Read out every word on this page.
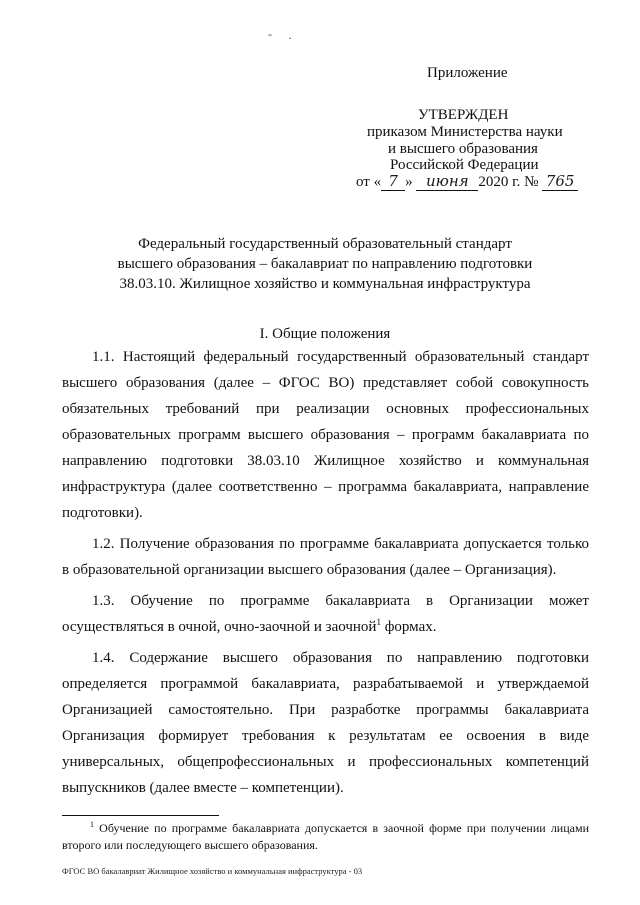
- ·
Приложение
УТВЕРЖДЕН
приказом Министерства науки
и высшего образования
Российской Федерации
от « 7 » июня 2020 г. № 765
Федеральный государственный образовательный стандарт
высшего образования – бакалавриат по направлению подготовки
38.03.10. Жилищное хозяйство и коммунальная инфраструктура
I. Общие положения

1.1. Настоящий федеральный государственный образовательный стандарт высшего образования (далее – ФГОС ВО) представляет собой совокупность обязательных требований при реализации основных профессиональных образовательных программ высшего образования – программ бакалавриата по направлению подготовки 38.03.10 Жилищное хозяйство и коммунальная инфраструктура (далее соответственно – программа бакалавриата, направление подготовки).

1.2. Получение образования по программе бакалавриата допускается только в образовательной организации высшего образования (далее – Организация).

1.3. Обучение по программе бакалавриата в Организации может осуществляться в очной, очно-заочной и заочной$^1$ формах.

1.4. Содержание высшего образования по направлению подготовки определяется программой бакалавриата, разрабатываемой и утверждаемой Организацией самостоятельно. При разработке программы бакалавриата Организация формирует требования к результатам ее освоения в виде универсальных, общепрофессиональных и профессиональных компетенций выпускников (далее вместе – компетенции).

$^1$ Обучение по программе бакалавриата допускается в заочной форме при получении лицами второго или последующего высшего образования.
ФГОС ВО бакалавриат Жилищное хозяйство и коммунальная инфраструктура - 03
